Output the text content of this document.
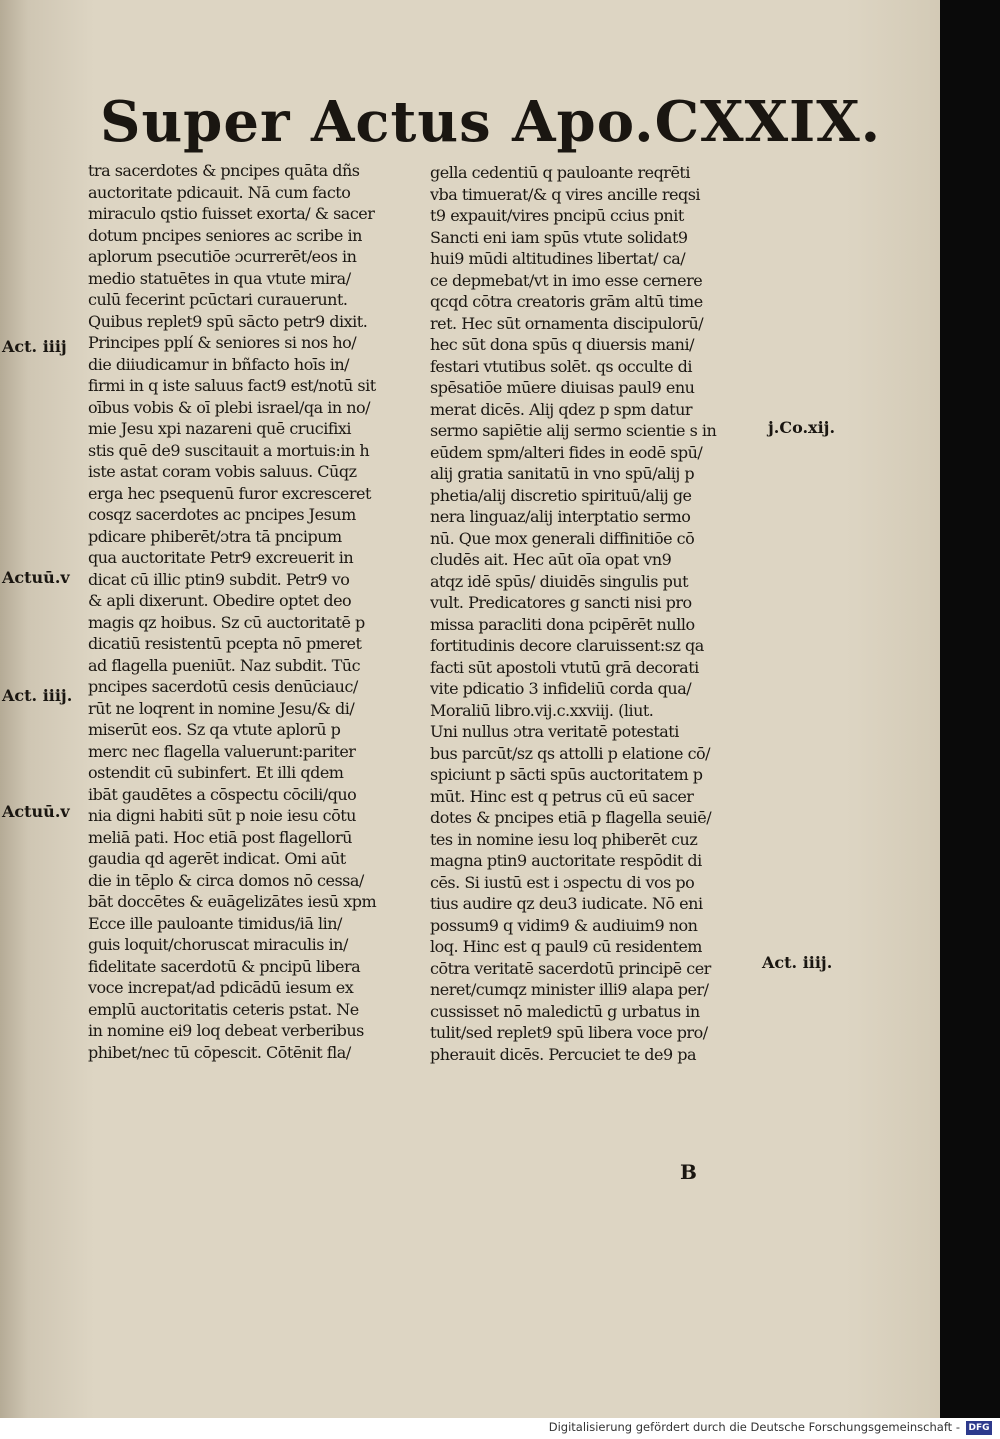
Super Actus Apo.CXXIX.
tra sacerdotes & pncipes quāta dñs
auctoritate pdicauit. Nā cum facto
miraculo qstio fuisset exorta/ & sacer
dotum pncipes seniores ac scribe in
aplorum psecutiōe ɔcurrerēt/eos in
medio statuētes in qua vtute mira/
culū fecerint pcūctari curauerunt.
Quibus replet9 spū sācto petr9 dixit.
Principes pplí & seniores si nos ho/
die diiudicamur in bñfacto hoīs in/
firmi in q iste saluus fact9 est/notū sit
oībus vobis & oī plebi israel/qa in no/
mie Jesu xpi nazareni quē crucifixi
stis quē de9 suscitauit a mortuis:in h
iste astat coram vobis saluus. Cūqz
erga hec psequenū furor excresceret
cosqz sacerdotes ac pncipes Jesum
pdicare phiberēt/ɔtra tā pncipum
qua auctoritate Petr9 excreuerit in
dicat cū illic ptin9 subdit. Petr9 vo
& apli dixerunt. Obedire optet deo
magis qz hoibus. Sz cū auctoritatē p
dicatiū resistentū pcepta nō pmeret
ad flagella pueniūt. Naz subdit. Tūc
pncipes sacerdotū cesis denūciauc/
rūt ne loqrent in nomine Jesu/& di/
miserūt eos. Sz qa vtute aplorū p
merc nec flagella valuerunt:pariter
ostendit cū subinfert. Et illi qdem
ibāt gaudētes a cōspectu cōcili/quo
nia digni habiti sūt p noie iesu cōtu
meliā pati. Hoc etiā post flagellorū
gaudia qd agerēt indicat. Omi aūt
die in tēplo & circa domos nō cessa/
bāt doccētes & euāgelizātes iesū xpm
Ecce ille pauloante timidus/iā lin/
guis loquit/choruscat miraculis in/
fidelitate sacerdotū & pncipū libera
voce increpat/ad pdicādū iesum ex
emplū auctoritatis ceteris pstat. Ne
in nomine ei9 loq debeat verberibus
phibet/nec tū cōpescit. Cōtēnit fla/
gella cedentiū q pauloante reqrēti
vba timuerat/& q vires ancille reqsi
t9 expauit/vires pncipū ccius pnit
Sancti eni iam spūs vtute solidat9
hui9 mūdi altitudines libertat/ ca/
ce depmebat/vt in imo esse cernere
qcqd cōtra creatoris grām altū time
ret. Hec sūt ornamenta discipulorū/
hec sūt dona spūs q diuersis mani/
festari vtutibus solēt. qs occulte di
spēsatiōe mūere diuisas paul9 enu
merat dicēs. Alij qdez p spm datur
sermo sapiētie alij sermo scientie s in
eūdem spm/alteri fides in eodē spū/
alij gratia sanitatū in vno spū/alij p
phetia/alij discretio spirituū/alij ge
nera linguaz/alij interptatio sermo
nū. Que mox generali diffinitiōe cō
cludēs ait. Hec aūt oīa opat vn9
atqz idē spūs/ diuidēs singulis put
vult. Predicatores g sancti nisi pro
missa paracliti dona pcipērēt nullo
fortitudinis decore claruissent:sz qa
facti sūt apostoli vtutū grā decorati
vite pdicatio 3 infideliū corda qua/
Moraliū libro.vij.c.xxviij. (liut.
Uni nullus ɔtra veritatē potestati
bus parcūt/sz qs attolli p elatione cō/
spiciunt p sācti spūs auctoritatem p
mūt. Hinc est q petrus cū eū sacer
dotes & pncipes etiā p flagella seuiē/
tes in nomine iesu loq phiberēt cuz
magna ptin9 auctoritate respōdit di
cēs. Si iustū est i ɔspectu di vos po
tius audire qz deu3 iudicate. Nō eni
possum9 q vidim9 & audiuim9 non
loq. Hinc est q paul9 cū residentem
cōtra veritatē sacerdotū principē cer
neret/cumqz minister illi9 alapa per/
cussisset nō maledictū g urbatus in
tulit/sed replet9 spū libera voce pro/
pherauit dicēs. Percuciet te de9 pa
Act. iiij
Actuū.v
Act. iiij.
Actuū.v
j.Co.xij.
Act. iiij.
B
Digitalisierung gefördert durch die Deutsche Forschungsgemeinschaft - DFG
